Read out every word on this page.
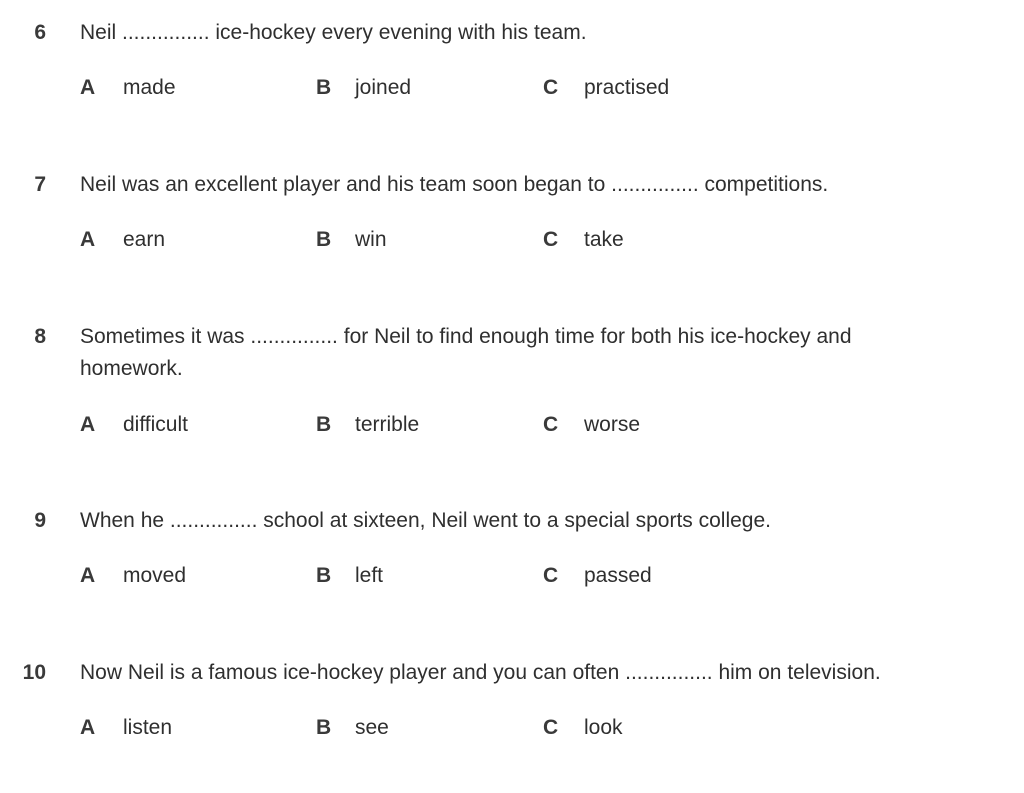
6 Neil ............... ice-hockey every evening with his team.
A made	B joined	C practised
7 Neil was an excellent player and his team soon began to ............... competitions.
A earn	B win	C take
8 Sometimes it was ............... for Neil to find enough time for both his ice-hockey and homework.
A difficult	B terrible	C worse
9 When he ............... school at sixteen, Neil went to a special sports college.
A moved	B left	C passed
10 Now Neil is a famous ice-hockey player and you can often ............... him on television.
A listen	B see	C look
